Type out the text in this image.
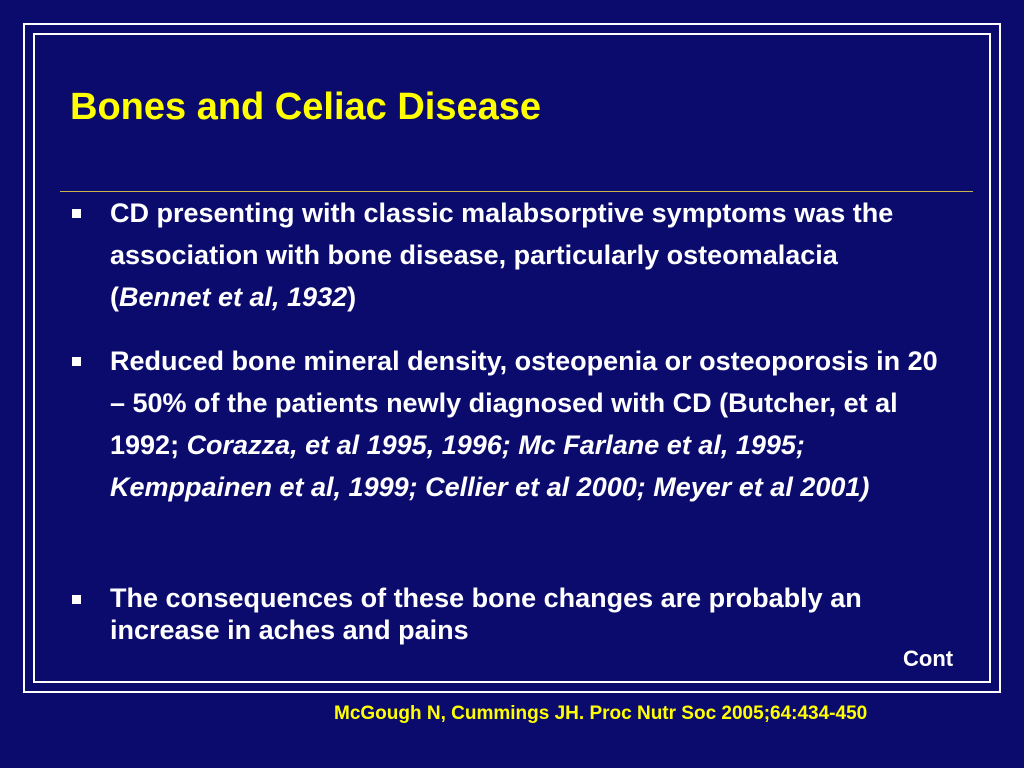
Bones and Celiac Disease
CD presenting with classic malabsorptive symptoms was the association with bone disease, particularly osteomalacia (Bennet et al, 1932)
Reduced bone mineral density, osteopenia or osteoporosis in 20 – 50% of the patients newly diagnosed with CD (Butcher, et al 1992; Corazza, et al 1995, 1996; Mc Farlane et al, 1995; Kemppainen et al, 1999; Cellier et al 2000; Meyer et al 2001)
The consequences of these bone changes are probably an increase in aches and pains
Cont
McGough N, Cummings JH. Proc Nutr Soc 2005;64:434-450
